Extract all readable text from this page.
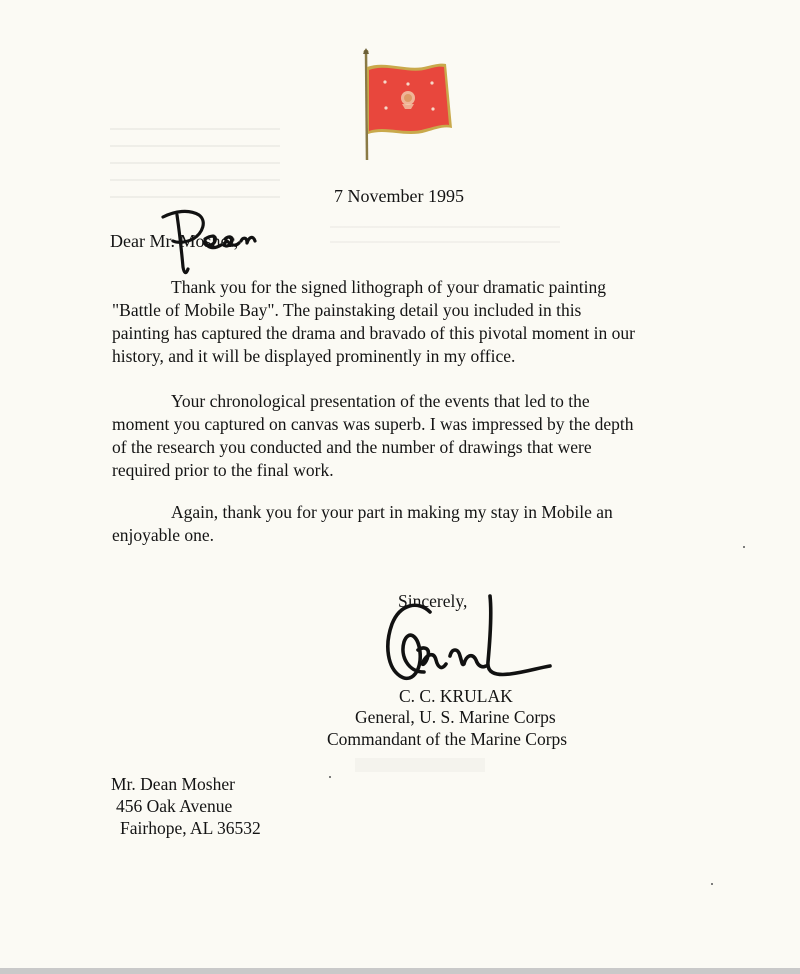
7 November 1995
Dear Mr. Mosher,

Thank you for the signed lithograph of your dramatic painting

"Battle of Mobile Bay". The painstaking detail you included in this

painting has captured the drama and bravado of this pivotal moment in our

history, and it will be displayed prominently in my office.

Your chronological presentation of the events that led to the

moment you captured on canvas was superb. I was impressed by the depth

of the research you conducted and the number of drawings that were

required prior to the final work.

Again, thank you for your part in making my stay in Mobile an

enjoyable one.

Sincerely,
C. C. KRULAK
General, U. S. Marine Corps
Commandant of the Marine Corps
Mr. Dean Mosher
456 Oak Avenue
Fairhope, AL 36532
